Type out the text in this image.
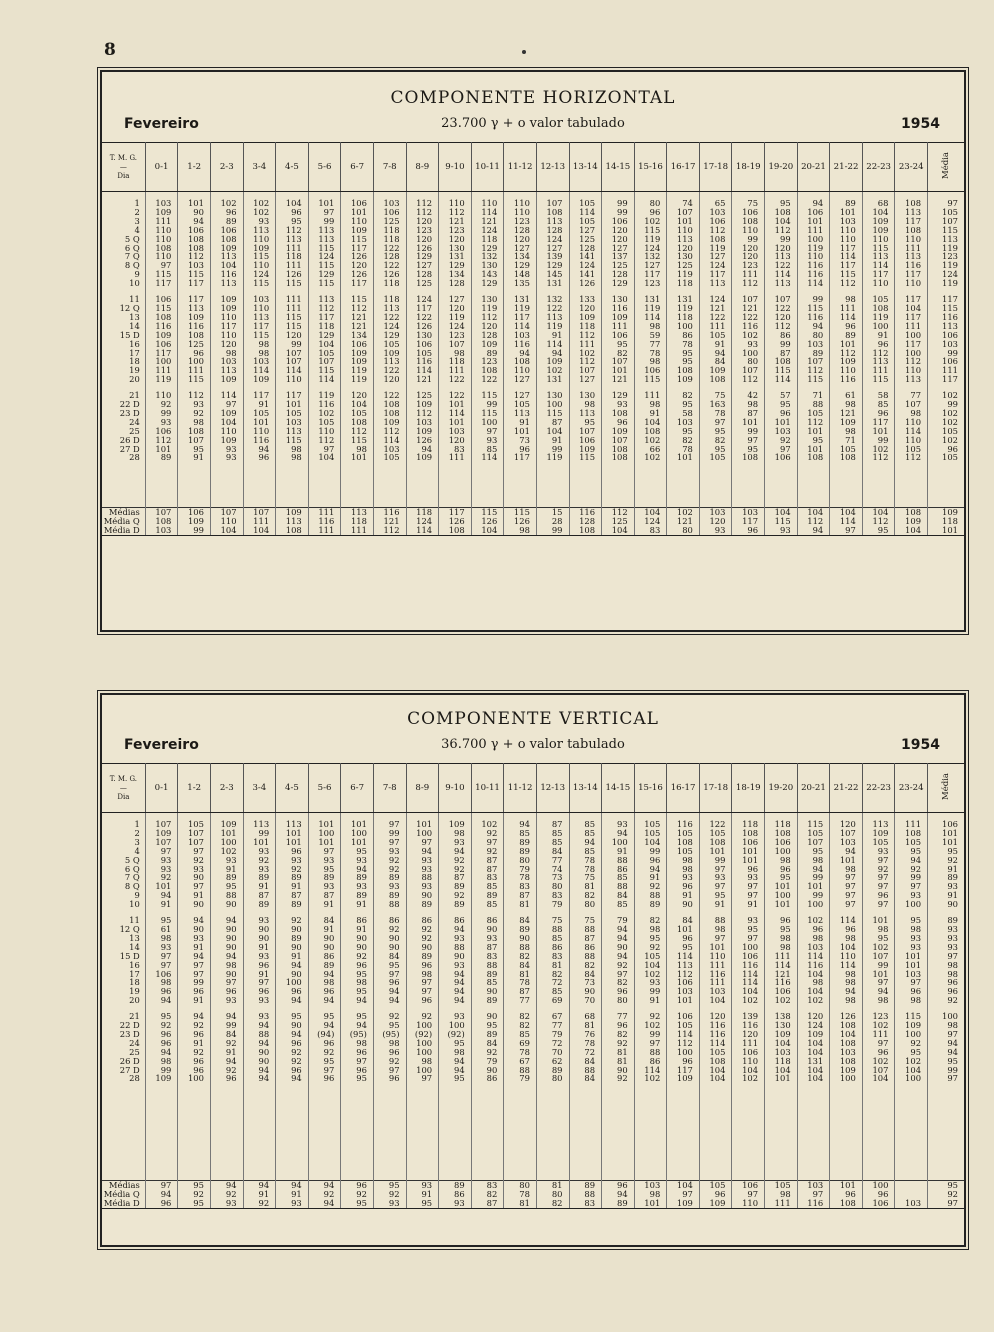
8
COMPONENTE HORIZONTAL
23.700 γ + o valor tabulado
Fevereiro	1954
T. M. G.
—
Dia	0-1	1-2	2-3	3-4	4-5	5-6	6-7	7-8	8-9	9-10	10-11	11-12	12-13	13-14	14-15	15-16	16-17	17-18	18-19	19-20	20-21	21-22	22-23	23-24	Média

1	103	101	102	102	104	101	106	103	112	110	110	110	107	105	99	80	74	65	75	95	94	89	68	108	97
2	109	90	96	102	96	97	101	106	112	112	114	110	108	114	99	96	107	103	106	108	106	101	104	113	105
3	111	94	89	93	95	99	110	125	120	121	121	123	113	105	106	102	101	106	108	104	101	103	109	117	107
4	110	106	106	113	112	113	109	118	123	123	124	128	128	127	120	115	110	112	110	112	111	110	109	108	115
5 Q	110	108	108	110	113	113	115	118	120	120	118	120	124	125	120	119	113	108	99	99	100	110	110	110	113
6 Q	108	108	109	109	111	115	117	122	126	130	129	127	127	128	127	124	120	119	120	120	119	117	115	111	119
7 Q	110	112	113	115	118	124	126	128	129	131	132	134	139	141	137	132	130	127	120	113	110	114	113	113	123
8 Q	97	103	104	110	111	115	120	122	127	129	130	129	129	124	125	127	125	124	123	122	116	117	114	116	119
9	115	115	116	124	126	129	126	126	128	134	143	148	145	141	128	117	119	117	111	114	116	115	117	117	124
10	117	117	113	115	115	115	117	118	125	128	129	135	131	126	129	123	118	113	112	113	114	112	110	110	119

11	106	117	109	103	111	113	115	118	124	127	130	131	132	133	130	131	131	124	107	107	99	98	105	117	117
12 Q	115	113	109	110	111	112	112	113	117	120	119	119	122	120	116	119	119	121	121	122	115	111	108	104	115
13	108	109	110	113	115	117	121	122	122	119	112	117	113	109	109	114	118	122	122	120	116	114	119	117	116
14	116	116	117	117	115	118	121	124	126	124	120	114	119	118	111	98	100	111	116	112	94	96	100	111	113
15 D	109	108	110	115	120	129	134	129	130	123	128	103	91	112	106	59	86	105	102	86	80	89	91	100	106
16	106	125	120	98	99	104	106	105	106	107	109	116	114	111	95	77	78	91	93	99	103	101	96	117	103
17	117	96	98	98	107	105	109	109	105	98	89	94	94	102	82	78	95	94	100	87	89	112	112	100	99
18	100	100	103	103	107	107	109	113	116	118	123	108	109	112	107	98	95	84	80	108	107	109	113	112	106
19	111	111	113	114	114	115	119	122	114	111	108	110	102	107	101	106	108	109	107	115	112	110	111	110	111
20	119	115	109	109	110	114	119	120	121	122	122	127	131	127	121	115	109	108	112	114	115	116	115	113	117

21	110	112	114	117	117	119	120	122	125	122	115	127	130	130	129	111	82	75	42	57	71	61	58	77	102
22 D	92	93	97	91	101	116	104	108	109	101	99	105	100	98	93	98	95	163	98	95	88	98	85	107	99
23 D	99	92	109	105	105	102	105	108	112	114	115	113	115	113	108	91	58	78	87	96	105	121	96	98	102
24	93	98	104	101	103	105	108	109	103	101	100	91	87	95	96	104	103	97	101	101	112	109	117	110	102
25	106	108	110	110	113	110	112	112	109	103	97	101	104	107	109	108	95	95	99	103	101	98	101	114	105
26 D	112	107	109	116	115	112	115	114	126	120	93	73	91	106	107	102	82	82	97	92	95	71	99	110	102
27 D	101	95	93	94	98	97	98	103	94	83	85	96	99	109	108	66	78	95	95	97	101	105	102	105	96
28	89	91	93	96	98	104	101	105	109	111	114	117	119	115	108	102	101	105	108	106	108	108	112	112	105

Médias	107	106	107	107	109	111	113	116	118	117	115	115	15	116	112	104	102	103	103	104	104	104	104	108	109
Média Q	108	109	110	111	113	116	118	121	124	126	126	126	28	128	125	124	121	120	117	115	112	114	112	109	118
Média D	103	99	104	104	108	111	111	112	114	108	104	98	99	108	104	83	80	93	96	93	94	97	95	104	101
COMPONENTE VERTICAL
36.700 γ + o valor tabulado
Fevereiro	1954
T. M. G.
—
Dia	0-1	1-2	2-3	3-4	4-5	5-6	6-7	7-8	8-9	9-10	10-11	11-12	12-13	13-14	14-15	15-16	16-17	17-18	18-19	19-20	20-21	21-22	22-23	23-24	Média

1	107	105	109	113	113	101	101	97	101	109	102	94	87	85	93	105	116	122	118	118	115	120	113	111	106
2	109	107	101	99	101	100	100	99	100	98	92	85	85	85	94	105	105	105	108	108	105	107	109	108	101
3	107	107	100	101	101	101	101	97	97	93	97	89	85	94	100	104	108	108	106	106	107	103	105	105	101
4	97	97	102	93	96	97	95	93	94	94	92	89	84	85	91	99	105	101	101	100	95	94	93	95	95
5 Q	93	92	93	92	93	93	93	92	93	92	87	80	77	78	88	96	98	99	101	98	98	101	97	94	92
6 Q	93	93	91	93	92	95	94	92	93	92	87	79	74	78	86	94	98	97	96	96	94	98	92	92	91
7 Q	92	90	89	89	89	89	89	89	88	87	83	78	73	75	85	91	93	93	93	95	99	97	97	99	89
8 Q	101	97	95	91	91	93	93	93	93	89	85	83	80	81	88	92	96	97	97	101	101	97	97	97	93
9	94	91	88	87	87	87	89	89	90	92	89	87	83	82	84	88	91	95	97	100	99	97	96	93	91
10	91	90	90	89	89	91	91	88	89	89	85	81	79	80	85	89	90	91	91	101	100	97	97	100	90

11	95	94	94	93	92	84	86	86	86	86	86	84	75	75	79	82	84	88	93	96	102	114	101	95	89
12 Q	61	90	90	90	90	91	91	92	92	94	90	89	88	88	94	98	101	98	95	95	96	96	98	98	93
13	98	93	90	90	89	90	90	90	92	93	93	90	85	87	94	95	96	97	97	98	98	98	95	93	93
14	93	91	90	91	90	90	90	90	90	88	87	88	86	86	90	92	95	101	100	98	103	104	102	93	93
15 D	97	94	94	93	91	86	92	84	89	90	83	82	83	88	94	105	114	110	106	111	114	110	107	101	97
16	97	97	98	96	94	89	96	95	96	93	88	84	81	82	92	104	113	111	116	114	116	114	99	101	98
17	106	97	90	91	90	94	95	97	98	94	89	81	82	84	97	102	112	116	114	121	104	98	101	103	98
18	98	99	97	97	100	98	98	96	97	94	85	78	72	73	82	93	106	111	114	116	98	98	97	97	96
19	96	96	96	96	96	96	95	94	97	94	90	87	85	90	96	99	103	103	104	106	104	94	94	96	96
20	94	91	93	93	94	94	94	94	96	94	89	77	69	70	80	91	101	104	102	102	102	98	98	98	92

21	95	94	94	93	95	95	95	92	92	93	90	82	67	68	77	92	106	120	139	138	120	126	123	115	100
22 D	92	92	99	94	90	94	94	95	100	100	95	82	77	81	96	102	105	116	116	130	124	108	102	109	98
23 D	96	96	84	88	94	(94)	(95)	(95)	(92)	(92)	89	85	79	76	82	99	114	116	120	109	109	104	111	100	97
24	96	91	92	94	96	96	98	98	100	95	84	69	72	78	92	97	112	114	111	104	104	108	97	92	94
25	94	92	91	90	92	92	96	96	100	98	92	78	70	72	81	88	100	105	106	103	104	103	96	95	94
26 D	98	96	94	90	92	95	97	92	98	94	79	67	62	84	81	86	96	108	110	118	131	108	102	102	95
27 D	99	96	92	94	96	97	96	97	100	94	90	88	89	88	90	114	117	104	104	104	104	109	107	104	99
28	109	100	96	94	94	96	95	96	97	95	86	79	80	84	92	102	109	104	102	101	104	100	104	100	97

Médias	97	95	94	94	94	94	96	95	93	89	83	80	81	89	96	103	104	105	106	105	103	101	100		95
Média Q	94	92	92	91	91	92	92	92	91	86	82	78	80	88	94	98	97	96	97	98	97	96	96		92
Média D	96	95	93	92	93	94	95	93	95	93	87	81	82	83	89	101	109	109	110	111	116	108	106	103	97
